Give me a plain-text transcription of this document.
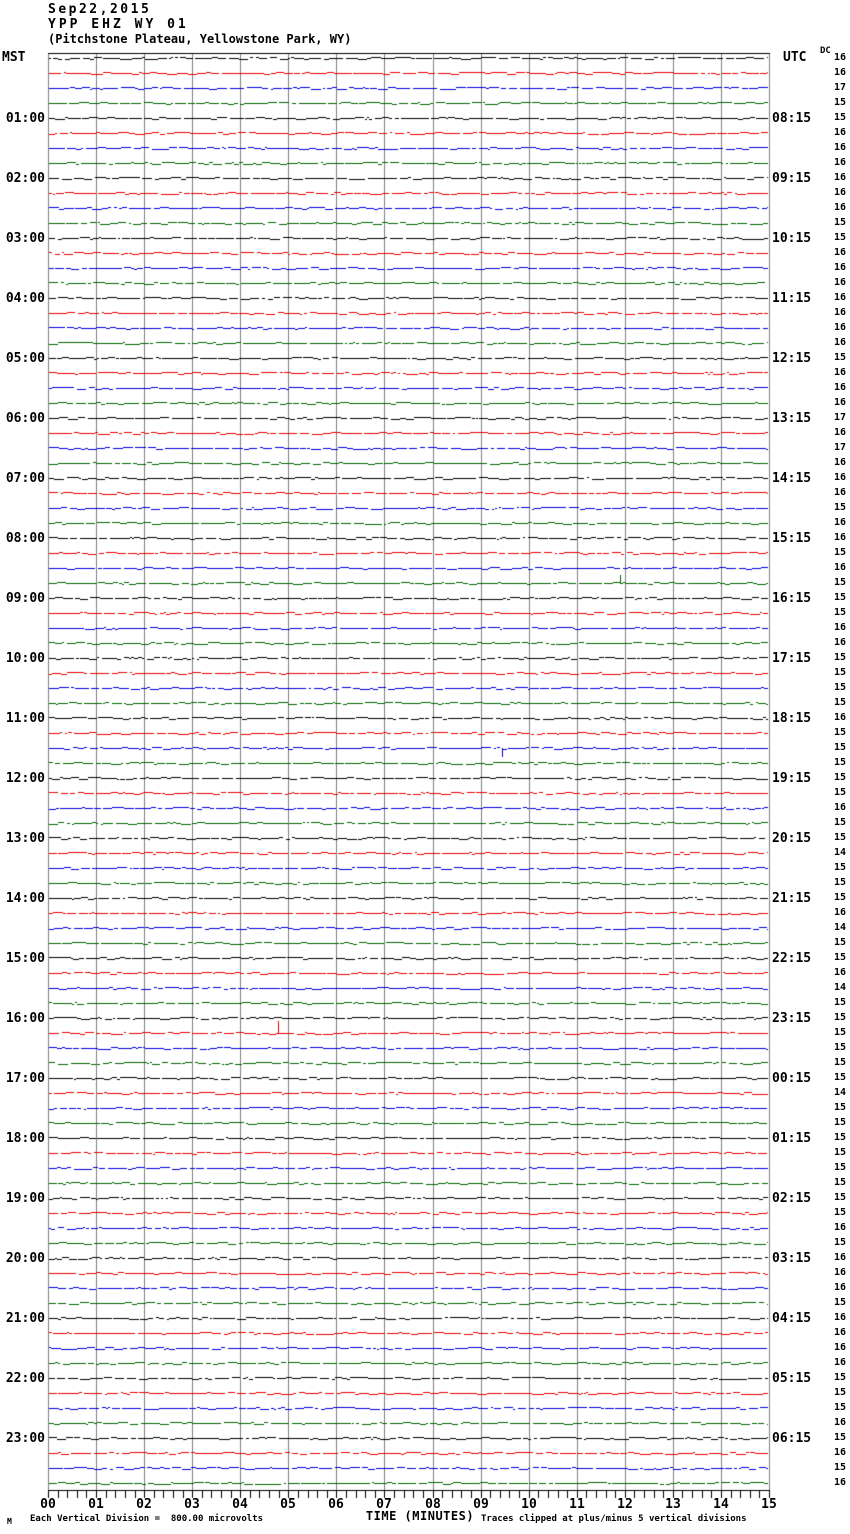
Sep22,2015
YPP EHZ WY 01
(Pitchstone Plateau, Yellowstone Park, WY)
MST	UTC DC
16
16
17
15
01:00	08:15	15
16
16
16
02:00	09:15	16
16
16
15
03:00	10:15	15
16
16
16
04:00	11:15	16
16
16
16
05:00	12:15	15
16
16
16
06:00	13:15	17
16
17
16
07:00	14:15	16
16
15
16
08:00	15:15	16
15
16
15
09:00	16:15	15
15
16
16
10:00	17:15	15
15
15
15
11:00	18:15	16
15
15
15
12:00	19:15	15
15
16
15
13:00	20:15	15
14
15
15
14:00	21:15	15
16
14
15
15:00	22:15	15
16
14
15
16:00	23:15	15
15
15
15
17:00	00:15	15
14
15
15
18:00	01:15	15
15
15
15
19:00	02:15	15
15
16
15
20:00	03:15	16
16
16
15
21:00	04:15	16
16
16
16
22:00	05:15	15
15
15
16
23:00	06:15	15
16
15
16
00	01	02	03	04	05	06	07	08	09	10	11	12	13	14	15
TIME (MINUTES)
M Each Vertical Division =  800.00 microvolts	Traces clipped at plus/minus 5 vertical divisions
